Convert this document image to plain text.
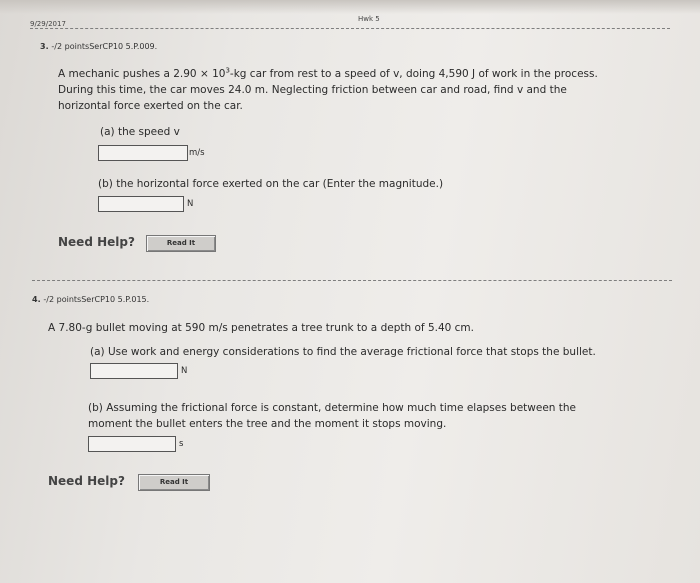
9/29/2017
Hwk 5
3. -/2 pointsSerCP10 5.P.009.
A mechanic pushes a $2.90 \times 10^3-kg$ car from rest to a speed of v, doing 4,590 J of work in the process.
During this time, the car moves 24.0 m. Neglecting friction between car and road, find v and the
horizontal force exerted on the car.
(a) the speed v
m/s
(b) the horizontal force exerted on the car (Enter the magnitude.)
N
Need Help?	Read It
4. -/2 pointsSerCP10 5.P.015.
A 7.80-g bullet moving at 590 m/s penetrates a tree trunk to a depth of 5.40 cm.
(a) Use work and energy considerations to find the average frictional force that stops the bullet.
N
(b) Assuming the frictional force is constant, determine how much time elapses between the
moment the bullet enters the tree and the moment it stops moving.
s
Need Help?	Read It
